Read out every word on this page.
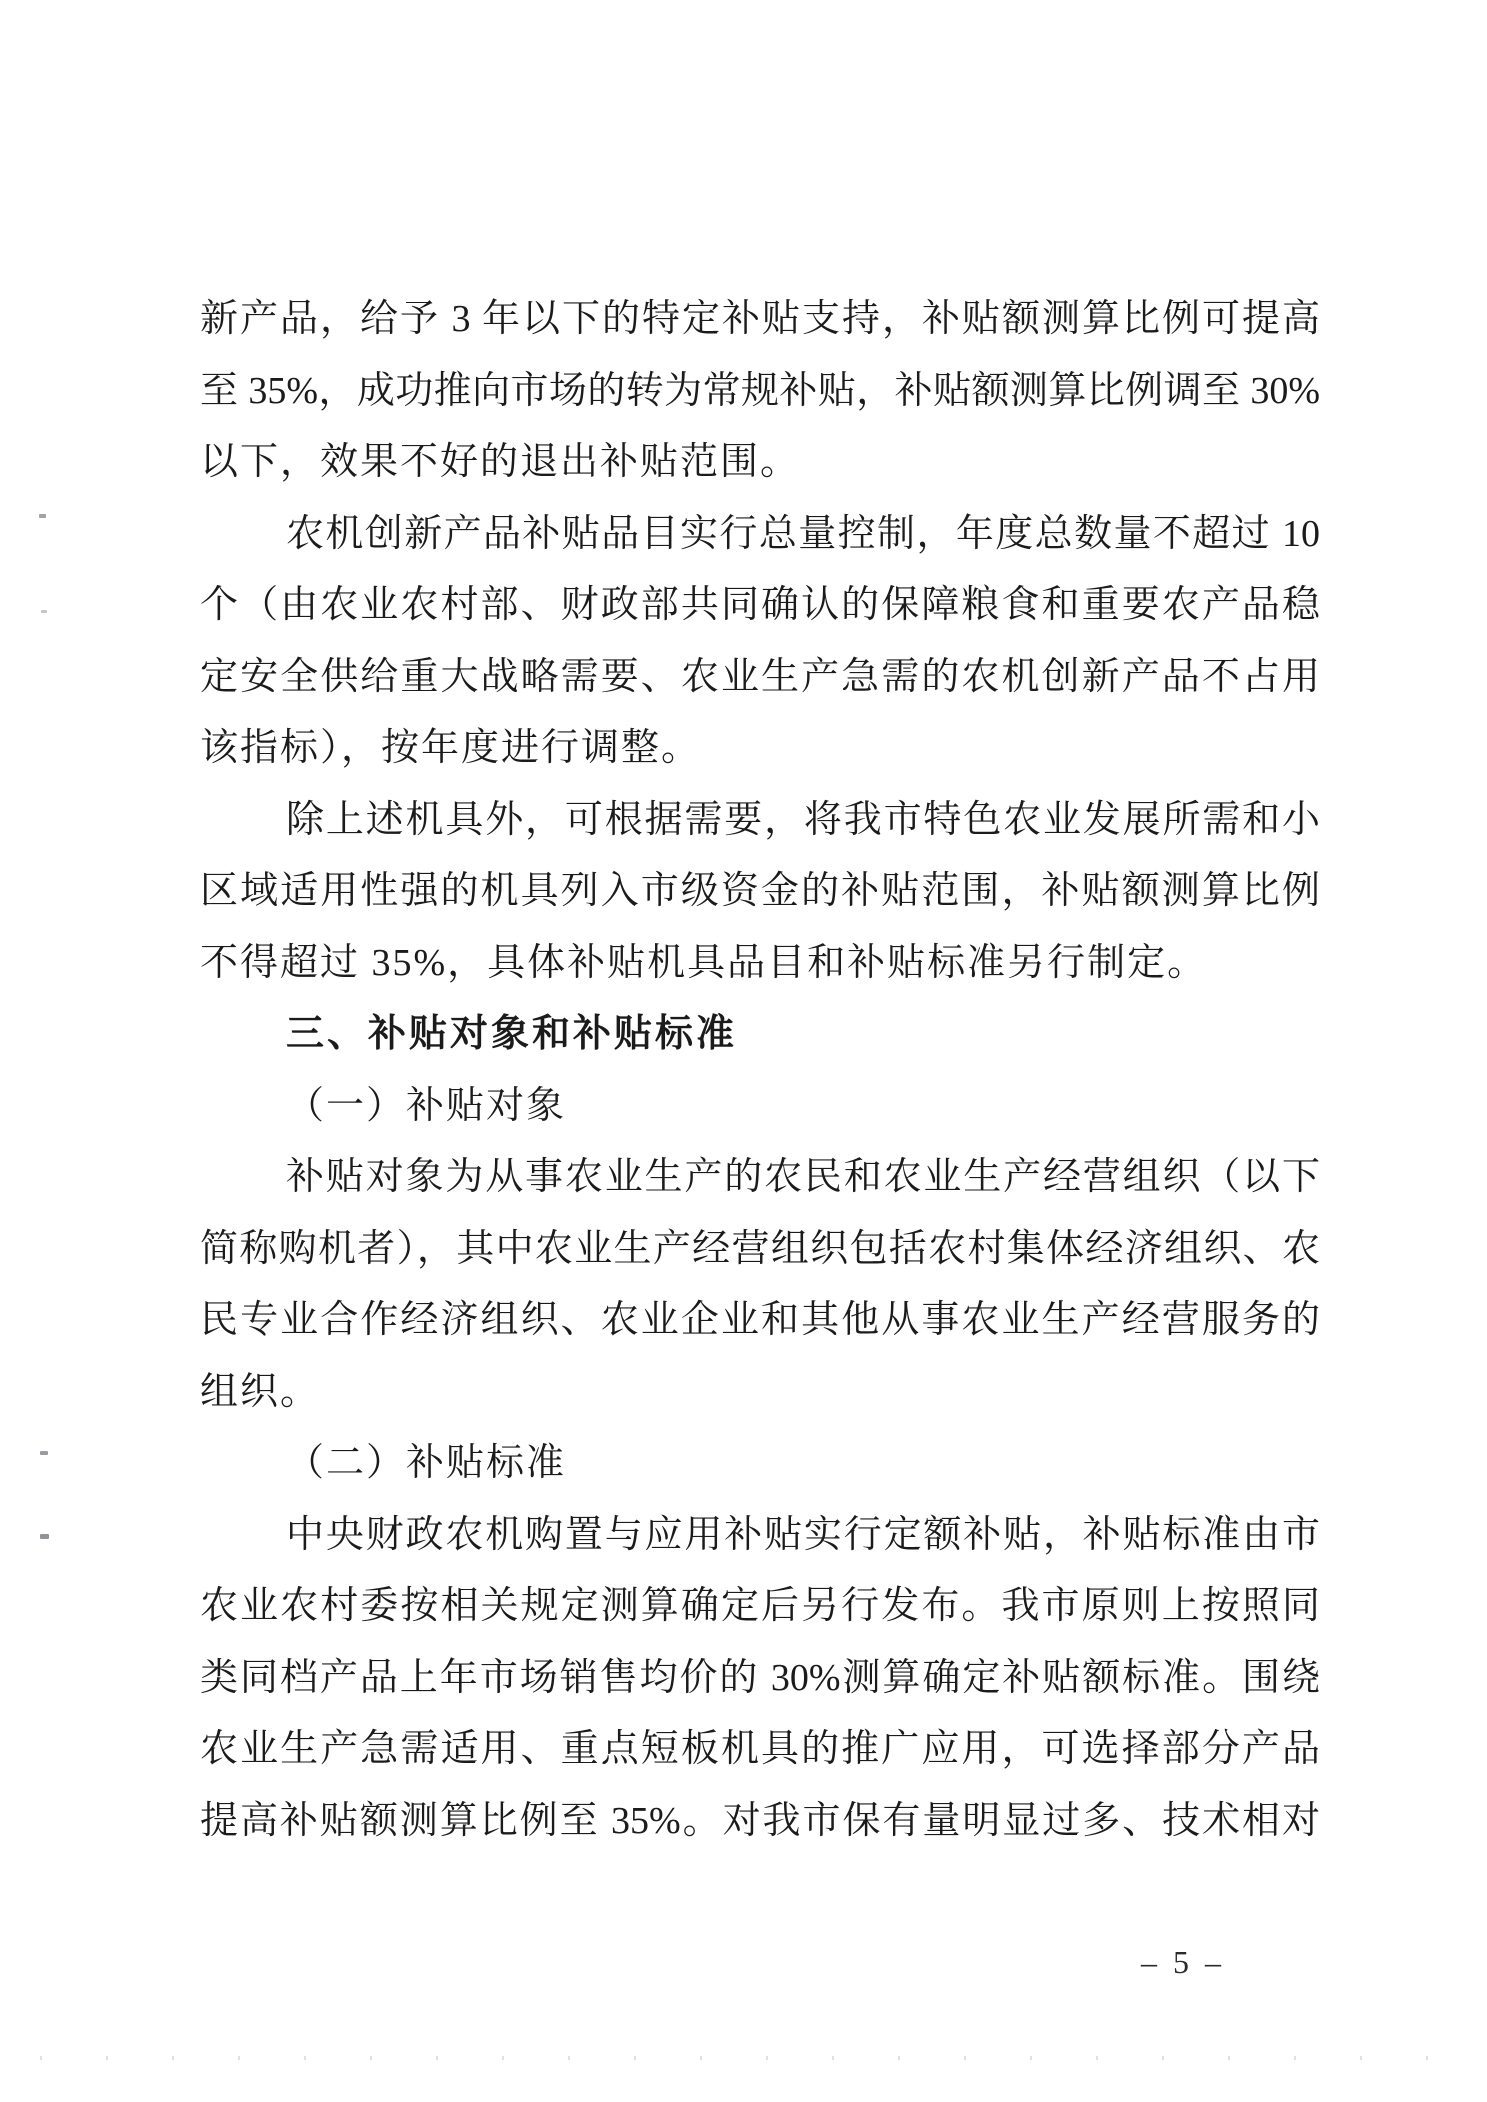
新产品，给予 3 年以下的特定补贴支持，补贴额测算比例可提高
至 35%，成功推向市场的转为常规补贴，补贴额测算比例调至 30%
以下，效果不好的退出补贴范围。
农机创新产品补贴品目实行总量控制，年度总数量不超过 10
个（由农业农村部、财政部共同确认的保障粮食和重要农产品稳
定安全供给重大战略需要、农业生产急需的农机创新产品不占用
该指标），按年度进行调整。
除上述机具外，可根据需要，将我市特色农业发展所需和小
区域适用性强的机具列入市级资金的补贴范围，补贴额测算比例
不得超过 35%，具体补贴机具品目和补贴标准另行制定。
三、补贴对象和补贴标准
（一）补贴对象
补贴对象为从事农业生产的农民和农业生产经营组织（以下
简称购机者），其中农业生产经营组织包括农村集体经济组织、农
民专业合作经济组织、农业企业和其他从事农业生产经营服务的
组织。
（二）补贴标准
中央财政农机购置与应用补贴实行定额补贴，补贴标准由市
农业农村委按相关规定测算确定后另行发布。我市原则上按照同
类同档产品上年市场销售均价的 30%测算确定补贴额标准。围绕
农业生产急需适用、重点短板机具的推广应用，可选择部分产品
提高补贴额测算比例至 35%。对我市保有量明显过多、技术相对
– 5 –
